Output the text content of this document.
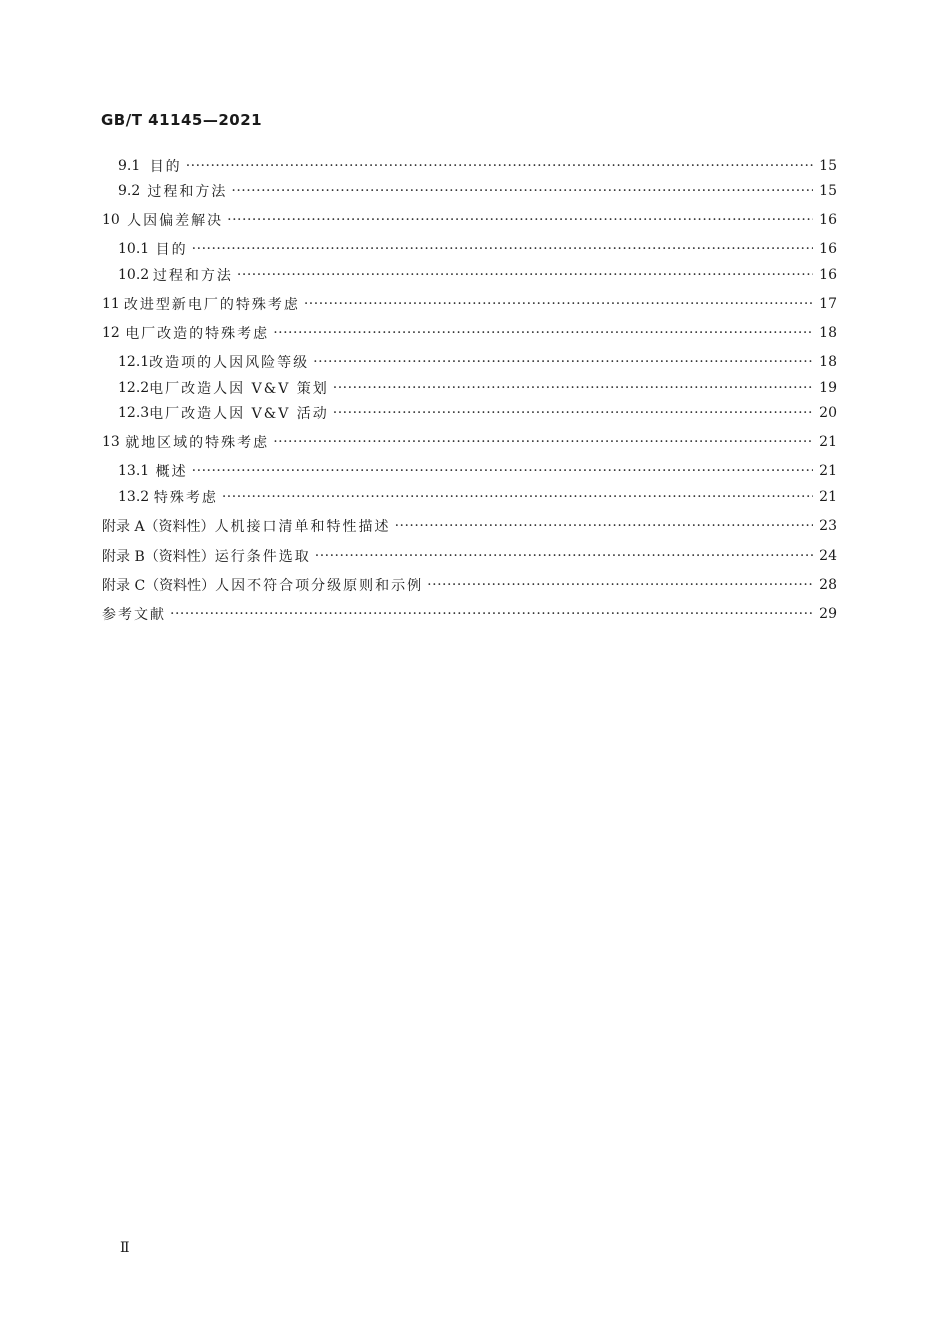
GB/T 41145—2021
9.1 目的 ·····	15
9.2 过程和方法 ·····	15
10 人因偏差解决 ·····	16
10.1 目的 ·····	16
10.2 过程和方法 ·····	16
11 改进型新电厂的特殊考虑 ·····	17
12 电厂改造的特殊考虑 ·····	18
12.1 改造项的人因风险等级 ·····	18
12.2 电厂改造人因 V&V 策划 ·····	19
12.3 电厂改造人因 V&V 活动 ·····	20
13 就地区域的特殊考虑 ·····	21
13.1 概述 ·····	21
13.2 特殊考虑 ·····	21
附录 A（资料性） 人机接口清单和特性描述 ·····	23
附录 B（资料性） 运行条件选取 ·····	24
附录 C（资料性） 人因不符合项分级原则和示例 ·····	28
参考文献 ·····	29
Ⅱ
